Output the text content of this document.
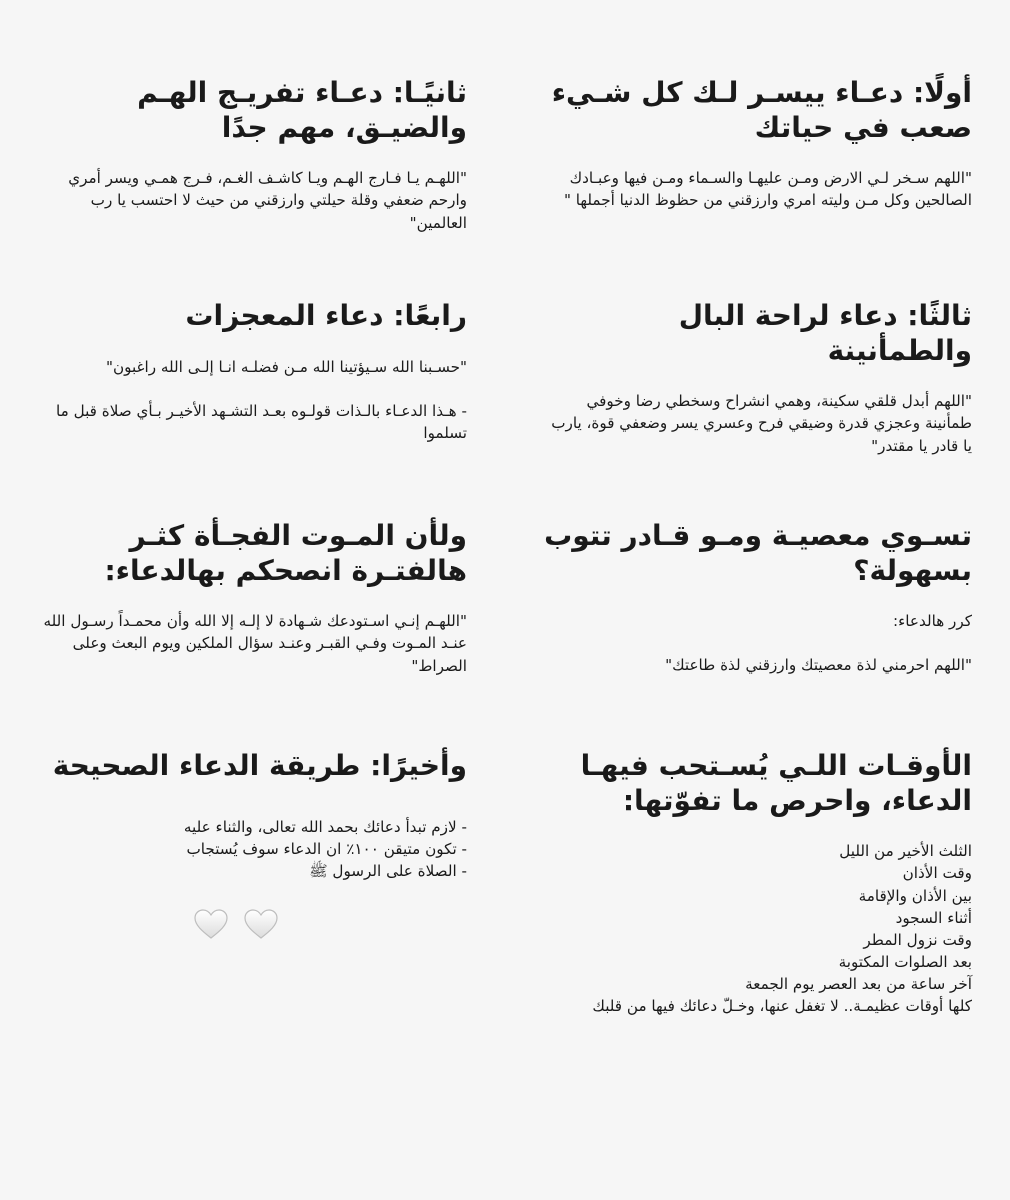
أولًا: دعـاء ييسـر لـك كل شـيء صعب في حياتك

"اللهم سـخر لـي الارض ومـن عليهـا والسـماء ومـن فيها وعبـادك الصالحين وكل مـن وليته امري وارزقني من حظوظ الدنيا أجملها "

ثانيًـا: دعـاء تفريـج الهـم والضيـق، مهم جدًا

"اللهـم يـا فـارج الهـم ويـا كاشـف الغـم، فـرج همـي ويسر أمري وارحم ضعفي وقلة حيلتي وارزقني من حيث لا احتسب يا رب العالمين"

ثالثًا: دعاء لراحة البال والطمأنينة

"اللهم أبدل قلقي سكينة، وهمي انشراح وسخطي رضا وخوفي طمأنينة وعجزي قدرة وضيقي فرح وعسري يسر وضعفي قوة، يارب يا قادر يا مقتدر"

رابعًا: دعاء المعجزات

"حسـبنا الله سـيؤتينا الله مـن فضلـه انـا إلـى الله راغبون"

- هـذا الدعـاء بالـذات قولـوه بعـد التشـهد الأخيـر بـأي صلاة قبل ما تسلموا

تسـوي معصيـة ومـو قـادر تتوب بسهولة؟

كرر هالدعاء:

"اللهم احرمني لذة معصيتك وارزقني لذة طاعتك"

ولأن المـوت الفجـأة كثـر هالفتـرة انصحكم بهالدعاء:

"اللهـم إنـي اسـتودعك شـهادة لا إلـه إلا الله وأن محمـداً رسـول الله عنـد المـوت وفـي القبـر وعنـد سؤال الملكين ويوم البعث وعلى الصراط"

الأوقـات اللـي يُسـتحب فيهـا الدعاء، واحرص ما تفوّتها:
الثلث الأخير من الليل
وقت الأذان
بين الأذان والإقامة
أثناء السجود
وقت نزول المطر
بعد الصلوات المكتوبة
آخر ساعة من بعد العصر يوم الجمعة
كلها أوقات عظيمـة.. لا تغفل عنها، وخـلّ دعائك فيها من قلبك
وأخيرًا: طريقة الدعاء الصحيحة
- لازم تبدأ دعائك بحمد الله تعالى، والثناء عليه
- تكون متيقن ١٠٠٪ ان الدعاء سوف يُستجاب
- الصلاة على الرسول ﷺ
